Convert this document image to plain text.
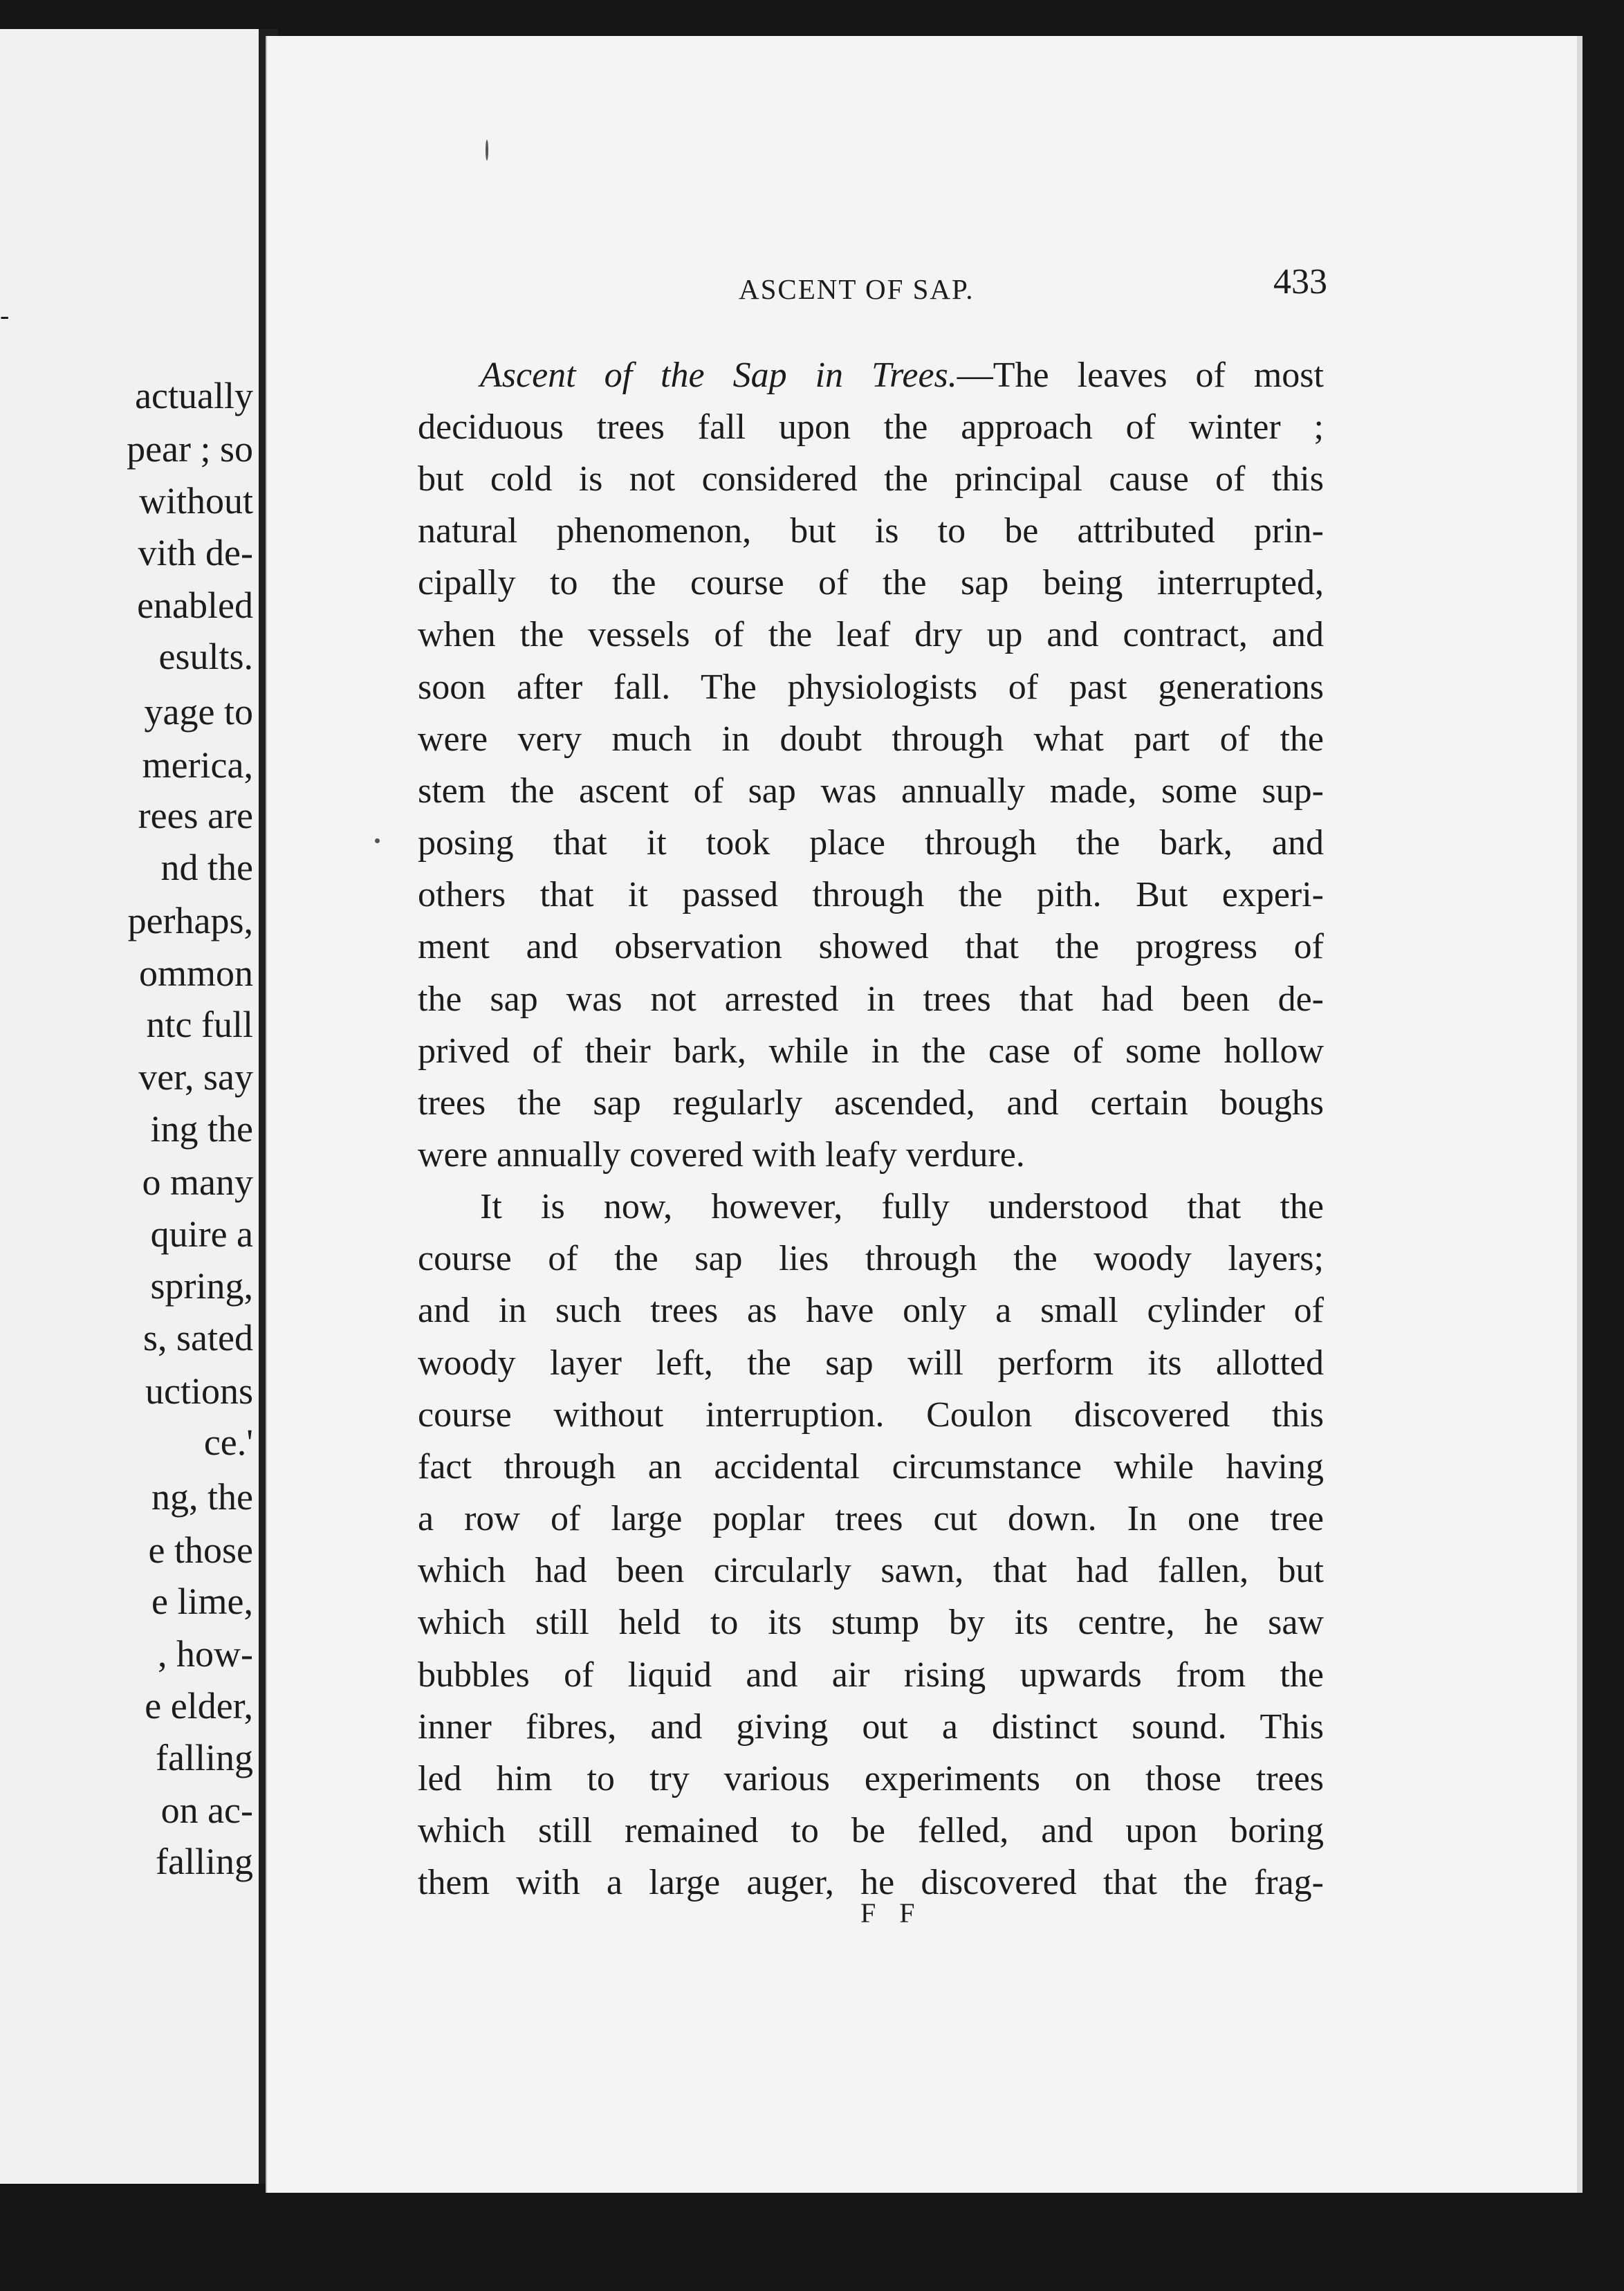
-
actually
pear ; so
without
vith de-
enabled
esults.
yage to
merica,
rees are
nd the
perhaps,
ommon
ntc full
ver, say
ing the
o many
quire a
spring,
s, sated
uctions
ce.'
ng, the
e those
e lime,
, how-
e elder,
falling
on ac-
falling
ASCENT OF SAP.	433
Ascent of the Sap in Trees.—The leaves of most
deciduous trees fall upon the approach of winter ;
but cold is not considered the principal cause of this
natural phenomenon, but is to be attributed prin-
cipally to the course of the sap being interrupted,
when the vessels of the leaf dry up and contract, and
soon after fall. The physiologists of past generations
were very much in doubt through what part of the
stem the ascent of sap was annually made, some sup-
posing that it took place through the bark, and
others that it passed through the pith. But experi-
ment and observation showed that the progress of
the sap was not arrested in trees that had been de-
prived of their bark, while in the case of some hollow
trees the sap regularly ascended, and certain boughs
were annually covered with leafy verdure.
It is now, however, fully understood that the
course of the sap lies through the woody layers;
and in such trees as have only a small cylinder of
woody layer left, the sap will perform its allotted
course without interruption. Coulon discovered this
fact through an accidental circumstance while having
a row of large poplar trees cut down. In one tree
which had been circularly sawn, that had fallen, but
which still held to its stump by its centre, he saw
bubbles of liquid and air rising upwards from the
inner fibres, and giving out a distinct sound. This
led him to try various experiments on those trees
which still remained to be felled, and upon boring
them with a large auger, he discovered that the frag-
F F
